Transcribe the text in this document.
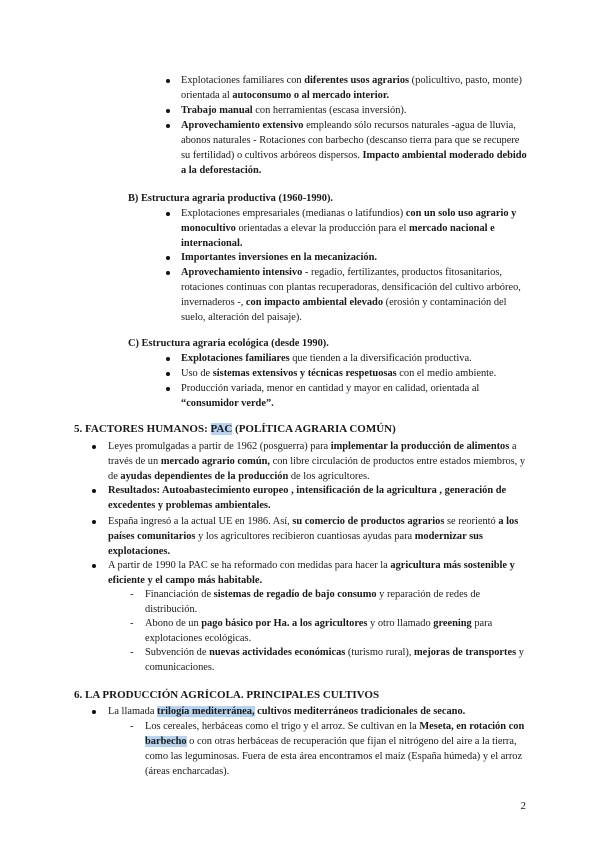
Explotaciones familiares con diferentes usos agrarios (policultivo, pasto, monte) orientada al autoconsumo o al mercado interior.
Trabajo manual con herramientas (escasa inversión).
Aprovechamiento extensivo empleando sólo recursos naturales -agua de lluvia, abonos naturales - Rotaciones con barbecho (descanso tierra para que se recupere su fertilidad) o cultivos arbóreos dispersos. Impacto ambiental moderado debido a la deforestación.
B) Estructura agraria productiva (1960-1990).
Explotaciones empresariales (medianas o latifundios) con un solo uso agrario y monocultivo orientadas a elevar la producción para el mercado nacional e internacional.
Importantes inversiones en la mecanización.
Aprovechamiento intensivo - regadío, fertilizantes, productos fitosanitarios, rotaciones continuas con plantas recuperadoras, densificación del cultivo arbóreo, invernaderos -, con impacto ambiental elevado (erosión y contaminación del suelo, alteración del paisaje).
C) Estructura agraria ecológica (desde 1990).
Explotaciones familiares que tienden a la diversificación productiva.
Uso de sistemas extensivos y técnicas respetuosas con el medio ambiente.
Producción variada, menor en cantidad y mayor en calidad, orientada al “consumidor verde”.
5. FACTORES HUMANOS: PAC (POLÍTICA AGRARIA COMÚN)
Leyes promulgadas a partir de 1962 (posguerra) para implementar la producción de alimentos a través de un mercado agrario común, con libre circulación de productos entre estados miembros, y de ayudas dependientes de la producción de los agricultores.
Resultados: Autoabastecimiento europeo , intensificación de la agricultura , generación de excedentes y problemas ambientales.
España ingresó a la actual UE en 1986. Así, su comercio de productos agrarios se reorientó a los países comunitarios y los agricultores recibieron cuantiosas ayudas para modernizar sus explotaciones.
A partir de 1990 la PAC se ha reformado con medidas para hacer la agricultura más sostenible y eficiente y el campo más habitable.
- Financiación de sistemas de regadío de bajo consumo y reparación de redes de distribución.
- Abono de un pago básico por Ha. a los agricultores y otro llamado greening para explotaciones ecológicas.
- Subvención de nuevas actividades económicas (turismo rural), mejoras de transportes y comunicaciones.
6. LA PRODUCCIÓN AGRÍCOLA. PRINCIPALES CULTIVOS
La llamada trilogía mediterránea, cultivos mediterráneos tradicionales de secano.
- Los cereales, herbáceas como el trigo y el arroz. Se cultivan en la Meseta, en rotación con barbecho o con otras herbáceas de recuperación que fijan el nitrógeno del aire a la tierra, como las leguminosas. Fuera de esta área encontramos el maíz (España húmeda) y el arroz (áreas encharcadas).
2
